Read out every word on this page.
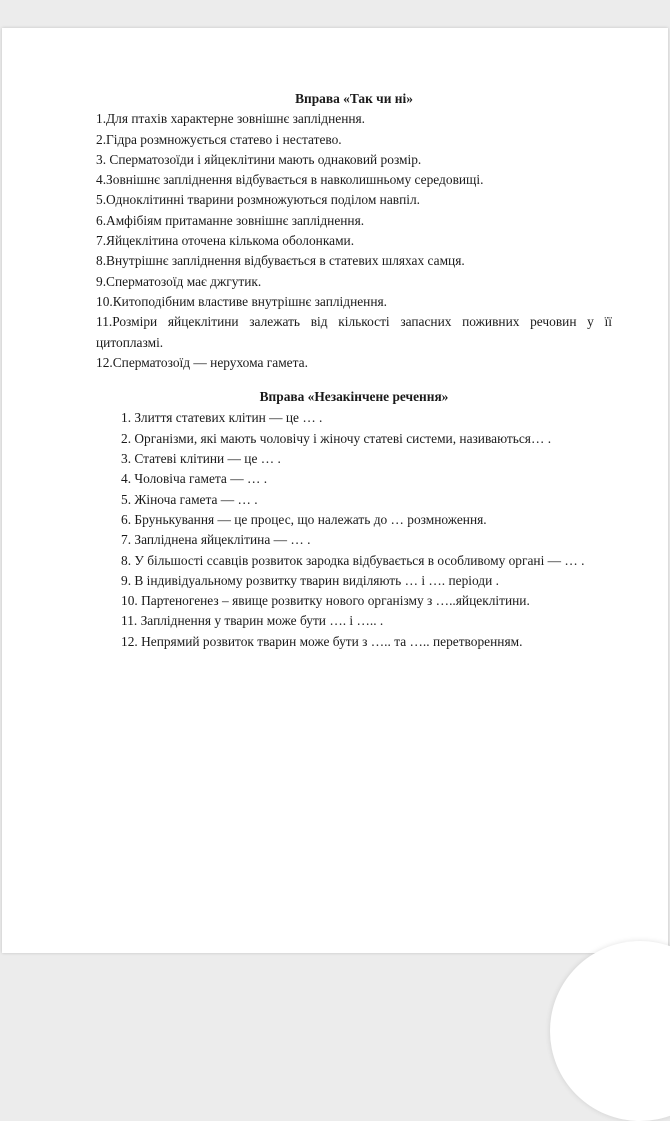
Вправа «Так чи ні»

1.Для птахів характерне зовнішнє запліднення.
2.Гідра розмножується статево і нестатево.
3. Сперматозоїди і яйцеклітини мають однаковий розмір.
4.Зовнішнє запліднення відбувається в навколишньому середовищі.
5.Одноклітинні тварини розмножуються поділом навпіл.
6.Амфібіям притаманне зовнішнє запліднення.
7.Яйцеклітина оточена кількома оболонками.
8.Внутрішнє запліднення відбувається в статевих шляхах самця.
9.Сперматозоїд має джгутик.
10.Китоподібним властиве внутрішнє запліднення.
11.Розміри яйцеклітини залежать від кількості запасних поживних речовин у її цитоплазмі.
12.Сперматозоїд — нерухома гамета.

Вправа «Незакінчене речення»

1. Злиття статевих клітин — це … .
2. Організми, які мають чоловічу і жіночу статеві системи, називаються… .
3. Статеві клітини — це … .
4. Чоловіча гамета — … .
5. Жіноча гамета — … .
6. Брунькування — це процес, що належать до … розмноження.
7. Запліднена яйцеклітина — … .
8. У більшості ссавців розвиток зародка відбувається в особливому органі — … .
9. В індивідуальному розвитку тварин виділяють … і …. періоди .
10. Партеногенез – явище розвитку нового організму з …..яйцеклітини.
11. Запліднення у тварин може бути …. і ….. .
12. Непрямий розвиток тварин може бути з ….. та ….. перетворенням.
